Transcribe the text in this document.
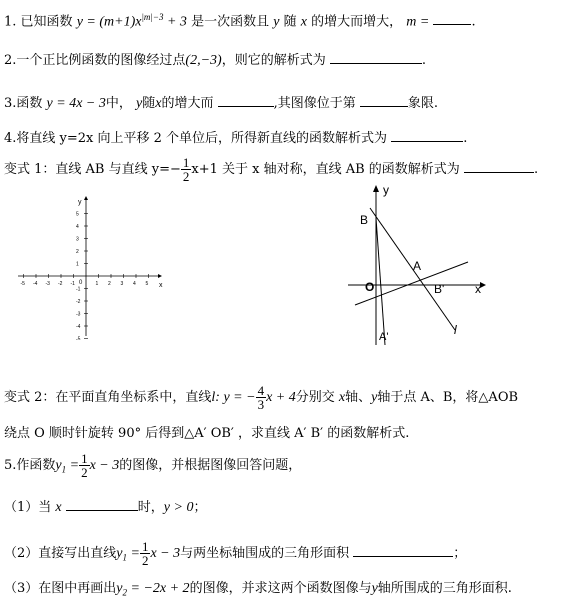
1. 已知函数 $y = (m+1)x^{|m|-3} + 3$ 是一次函数且 y 随 x 的增大而增大， m =	.
2.一个正比例函数的图像经过点(2,−3)，则它的解析式为	.
3.函数 y = 4x − 3中， y随x的增大而	,其图像位于第	象限.
4.将直线 y=2x 向上平移 2 个单位后，所得新直线的函数解析式为	.
变式 1：直线 AB 与直线 $y=- \frac{1}{2} x+1$ 关于 x 轴对称，直线 AB 的函数解析式为	.
y
x
0
-5 -4 -3 -2 -1	1 2 3 4 5
5
4
3
2
1
-1
-2
-3
-4
-5
y
x
O
B
A
B'
A'	l
变式 2：在平面直角坐标系中，直线l: y = − $\frac{4}{3}$ x + 4分别交 x轴、y轴于点 A、B，将△AOB
绕点 O 顺时针旋转 90° 后得到△A′ OB′ ，求直线 A′ B′ 的函数解析式.
5.作函数$y_1 = \frac{1}{2}$ x − 3的图像，并根据图像回答问题，
（1）当 x	时，y > 0；
（2）直接写出直线$y_1 = \frac{1}{2}$ x − 3与两坐标轴围成的三角形面积	；
（3）在图中再画出$y_2 = -2x + 2$的图像，并求这两个函数图像与y轴所围成的三角形面积.
